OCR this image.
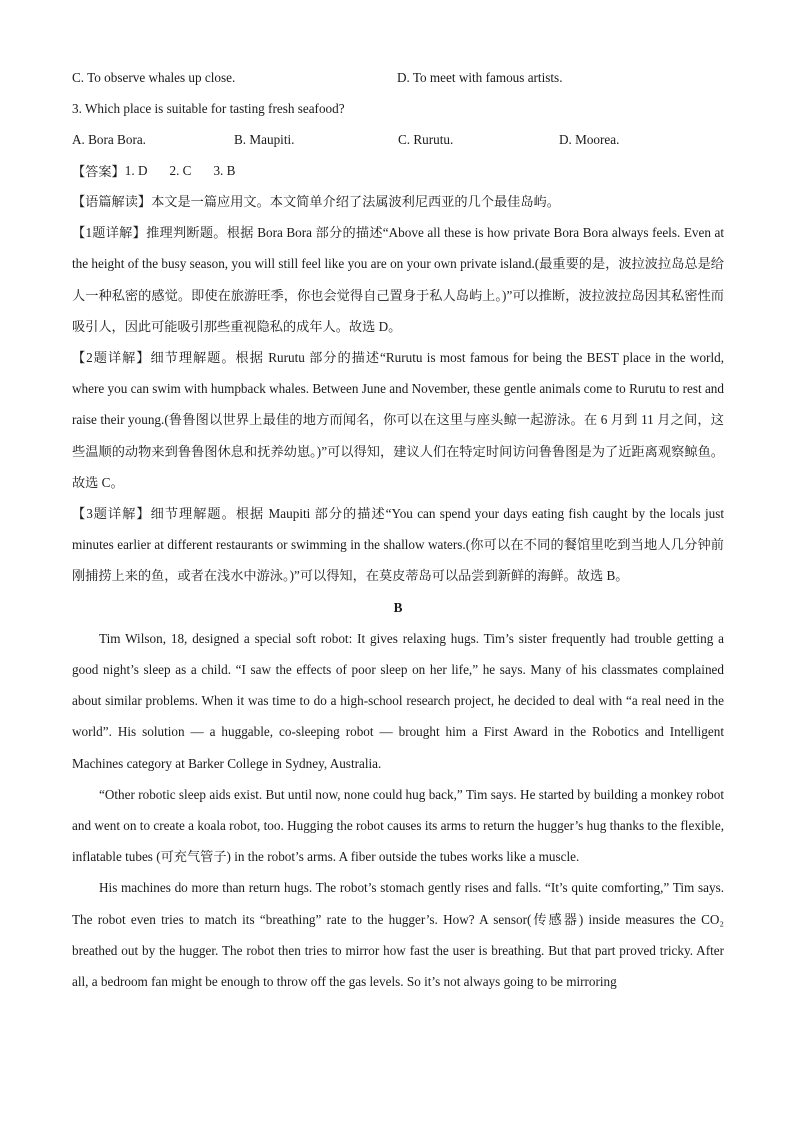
C. To observe whales up close.	D. To meet with famous artists.
3. Which place is suitable for tasting fresh seafood?
A. Bora Bora.	B. Maupiti.	C. Rurutu.	D. Moorea.
【答案】 1. D 2. C 3. B

【语篇解读】本文是一篇应用文。本文简单介绍了法属波利尼西亚的几个最佳岛屿。

【1题详解】推理判断题。根据 Bora Bora 部分的描述“Above all these is how private Bora Bora always feels. Even at the height of the busy season, you will still feel like you are on your own private island.(最重要的是，波拉波拉岛总是给人一种私密的感觉。即使在旅游旺季，你也会觉得自己置身于私人岛屿上。)”可以推断，波拉波拉岛因其私密性而吸引人，因此可能吸引那些重视隐私的成年人。故选 D。

【2题详解】细节理解题。根据 Rurutu 部分的描述“Rurutu is most famous for being the BEST place in the world, where you can swim with humpback whales. Between June and November, these gentle animals come to Rurutu to rest and raise their young.(鲁鲁图以世界上最佳的地方而闻名，你可以在这里与座头鲸一起游泳。在 6 月到 11 月之间，这些温顺的动物来到鲁鲁图休息和抚养幼崽。)”可以得知，建议人们在特定时间访问鲁鲁图是为了近距离观察鲸鱼。故选 C。

【3题详解】细节理解题。根据 Maupiti 部分的描述“You can spend your days eating fish caught by the locals just minutes earlier at different restaurants or swimming in the shallow waters.(你可以在不同的餐馆里吃到当地人几分钟前刚捕捞上来的鱼，或者在浅水中游泳。)”可以得知，在莫皮蒂岛可以品尝到新鲜的海鲜。故选 B。

B

Tim Wilson, 18, designed a special soft robot: It gives relaxing hugs. Tim’s sister frequently had trouble getting a good night’s sleep as a child. “I saw the effects of poor sleep on her life,” he says. Many of his classmates complained about similar problems. When it was time to do a high-school research project, he decided to deal with “a real need in the world”. His solution — a huggable, co-sleeping robot — brought him a First Award in the Robotics and Intelligent Machines category at Barker College in Sydney, Australia.

“Other robotic sleep aids exist. But until now, none could hug back,” Tim says. He started by building a monkey robot and went on to create a koala robot, too. Hugging the robot causes its arms to return the hugger’s hug thanks to the flexible, inflatable tubes (可充气管子) in the robot’s arms. A fiber outside the tubes works like a muscle.

His machines do more than return hugs. The robot’s stomach gently rises and falls. “It’s quite comforting,” Tim says. The robot even tries to match its “breathing” rate to the hugger’s. How? A sensor(传感器) inside measures the CO₂ breathed out by the hugger. The robot then tries to mirror how fast the user is breathing. But that part proved tricky. After all, a bedroom fan might be enough to throw off the gas levels. So it’s not always going to be mirroring
